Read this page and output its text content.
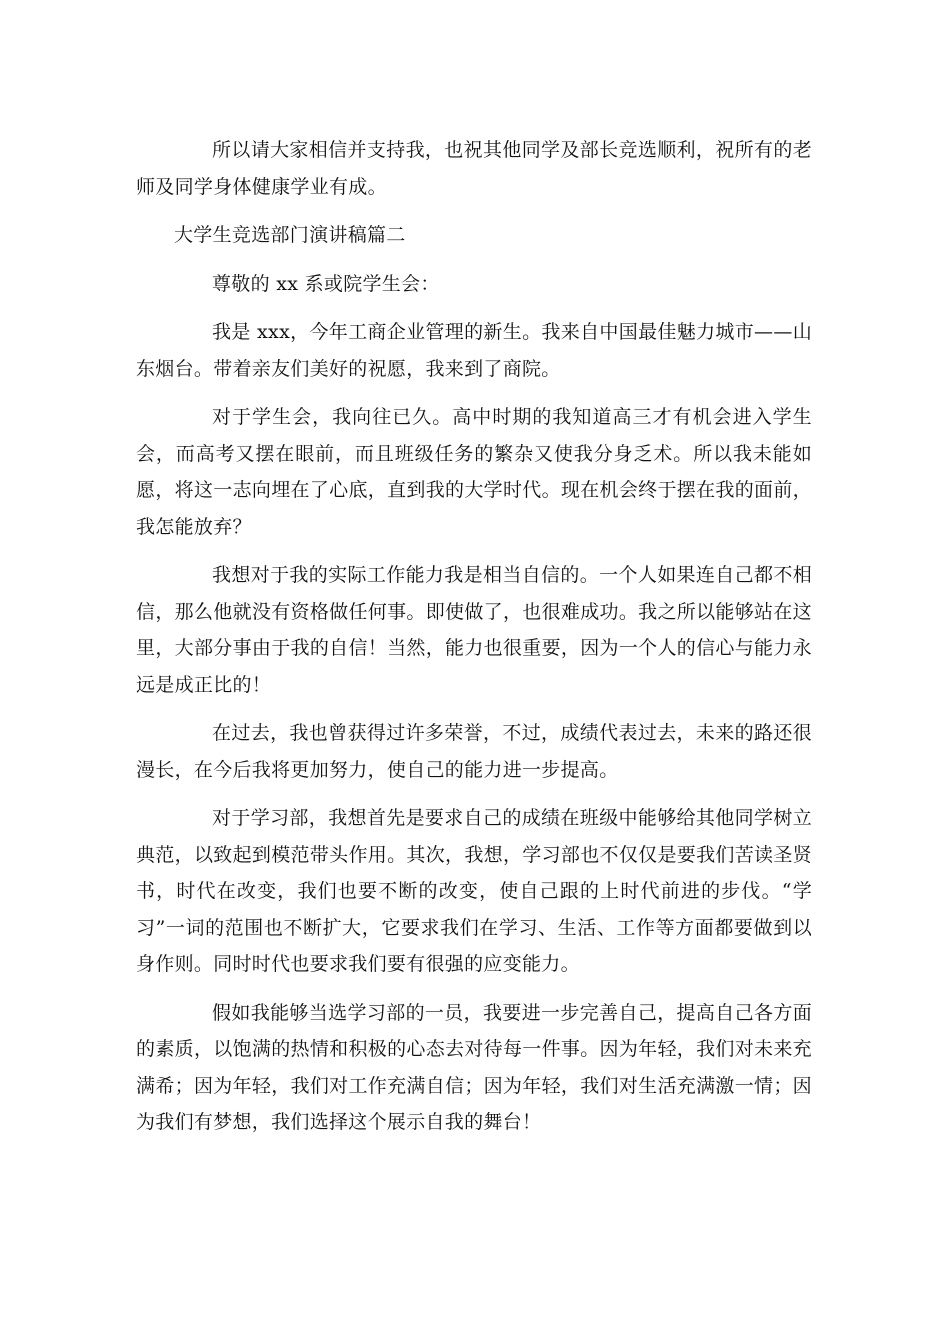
所以请大家相信并支持我，也祝其他同学及部长竞选顺利，祝所有的老师及同学身体健康学业有成。

大学生竞选部门演讲稿篇二

尊敬的 xx 系或院学生会：

我是 xxx，今年工商企业管理的新生。我来自中国最佳魅力城市——山东烟台。带着亲友们美好的祝愿，我来到了商院。

对于学生会，我向往已久。高中时期的我知道高三才有机会进入学生会，而高考又摆在眼前，而且班级任务的繁杂又使我分身乏术。所以我未能如愿，将这一志向埋在了心底，直到我的大学时代。现在机会终于摆在我的面前，我怎能放弃？

我想对于我的实际工作能力我是相当自信的。一个人如果连自己都不相信，那么他就没有资格做任何事。即使做了，也很难成功。我之所以能够站在这里，大部分事由于我的自信！当然，能力也很重要，因为一个人的信心与能力永远是成正比的！

在过去，我也曾获得过许多荣誉，不过，成绩代表过去，未来的路还很漫长，在今后我将更加努力，使自己的能力进一步提高。

对于学习部，我想首先是要求自己的成绩在班级中能够给其他同学树立典范，以致起到模范带头作用。其次，我想，学习部也不仅仅是要我们苦读圣贤书，时代在改变，我们也要不断的改变，使自己跟的上时代前进的步伐。“学习”一词的范围也不断扩大，它要求我们在学习、生活、工作等方面都要做到以身作则。同时时代也要求我们要有很强的应变能力。

假如我能够当选学习部的一员，我要进一步完善自己，提高自己各方面的素质，以饱满的热情和积极的心态去对待每一件事。因为年轻，我们对未来充满希；因为年轻，我们对工作充满自信；因为年轻，我们对生活充满激一情；因为我们有梦想，我们选择这个展示自我的舞台！
